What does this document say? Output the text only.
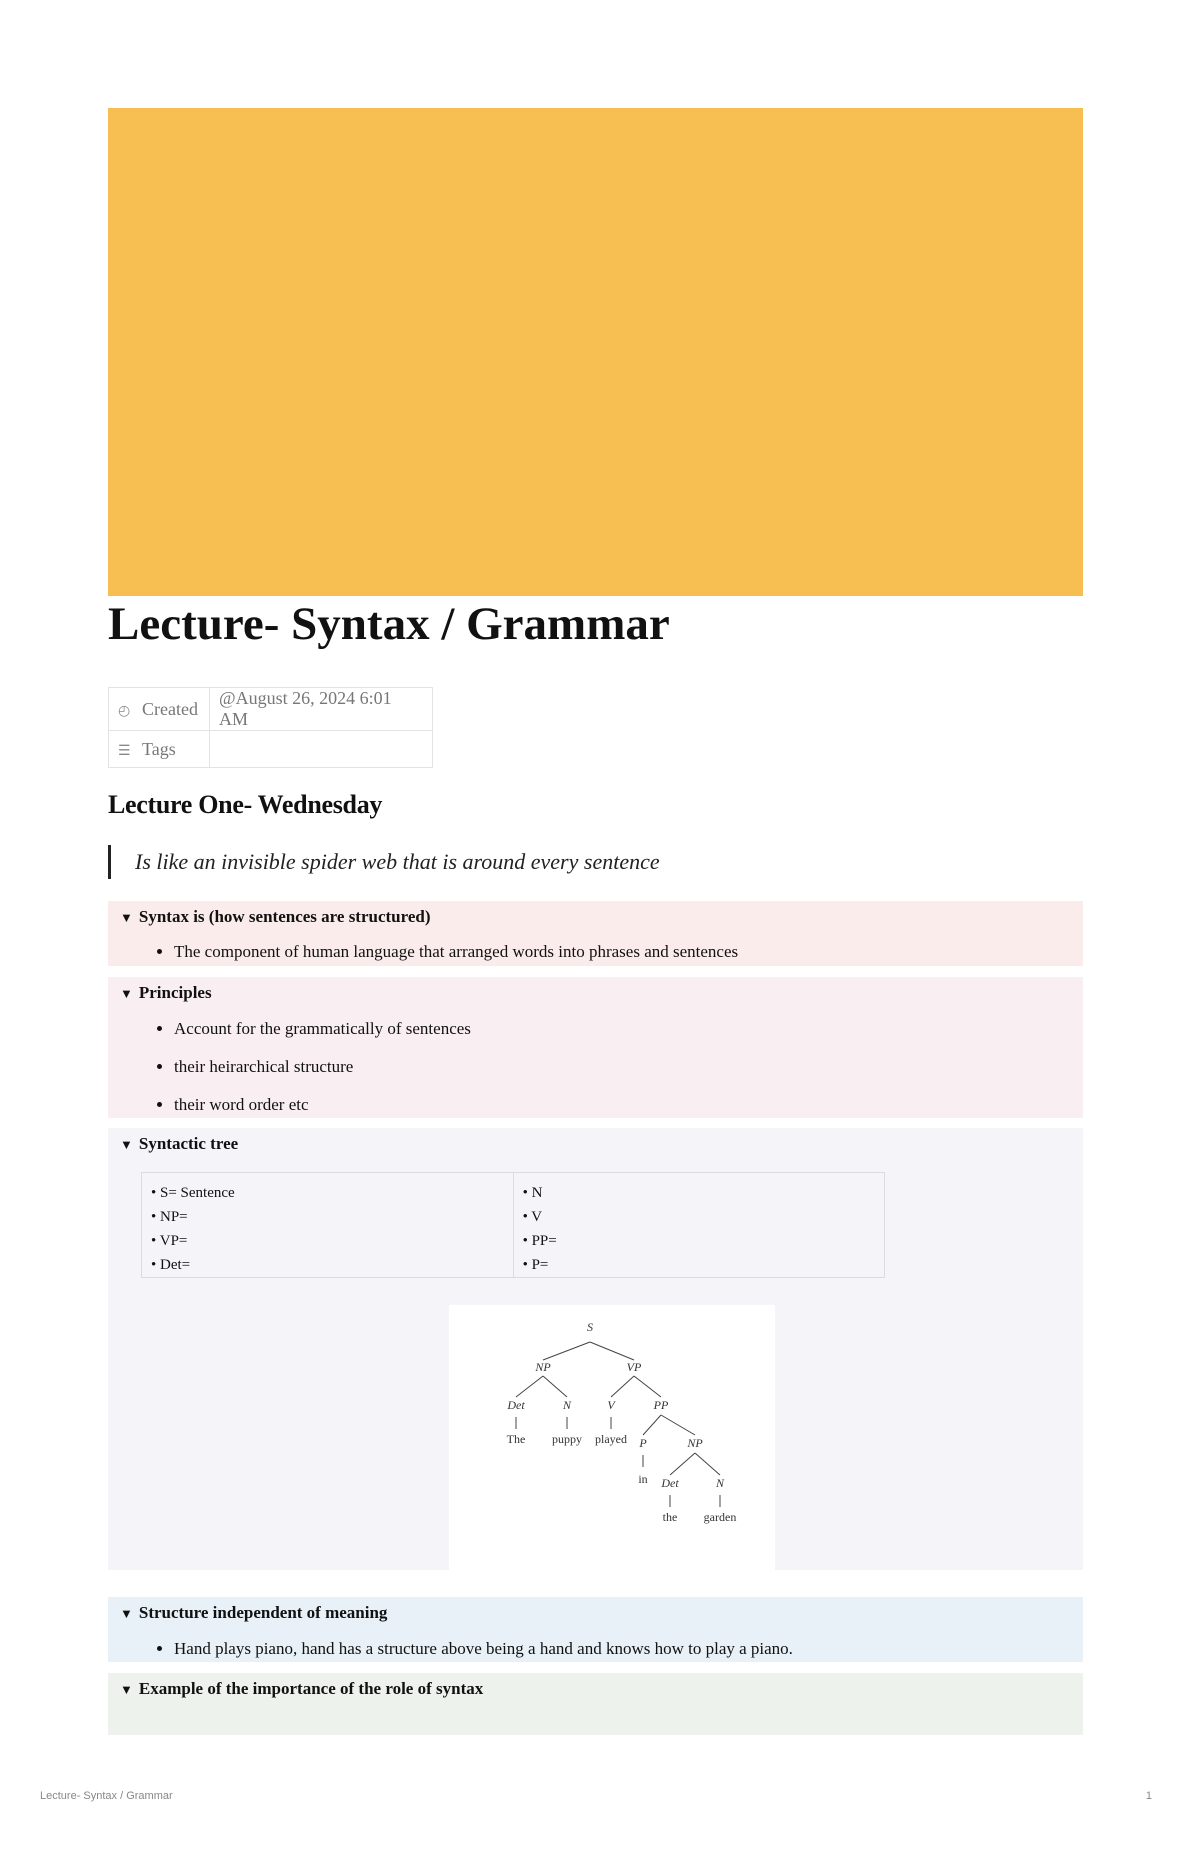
Lecture- Syntax / Grammar
◴ Created	@August 26, 2024 6:01 AM
☰ Tags	
Lecture One- Wednesday
Is like an invisible spider web that is around every sentence
▼ Syntax is (how sentences are structured)
• The component of human language that arranged words into phrases and sentences
▼ Principles
• Account for the grammatically of sentences
• their heirarchical structure
• their word order etc
▼ Syntactic tree
• S= Sentence
• NP=
• VP=
• Det=

• N
• V
• PP=
• P=
S
NP	VP
Det	N	V	PP
The puppy played P	NP
in Det	N
the garden
▼ Structure independent of meaning
• Hand plays piano, hand has a structure above being a hand and knows how to play a piano.
▼ Example of the importance of the role of syntax
Lecture- Syntax / Grammar	1
